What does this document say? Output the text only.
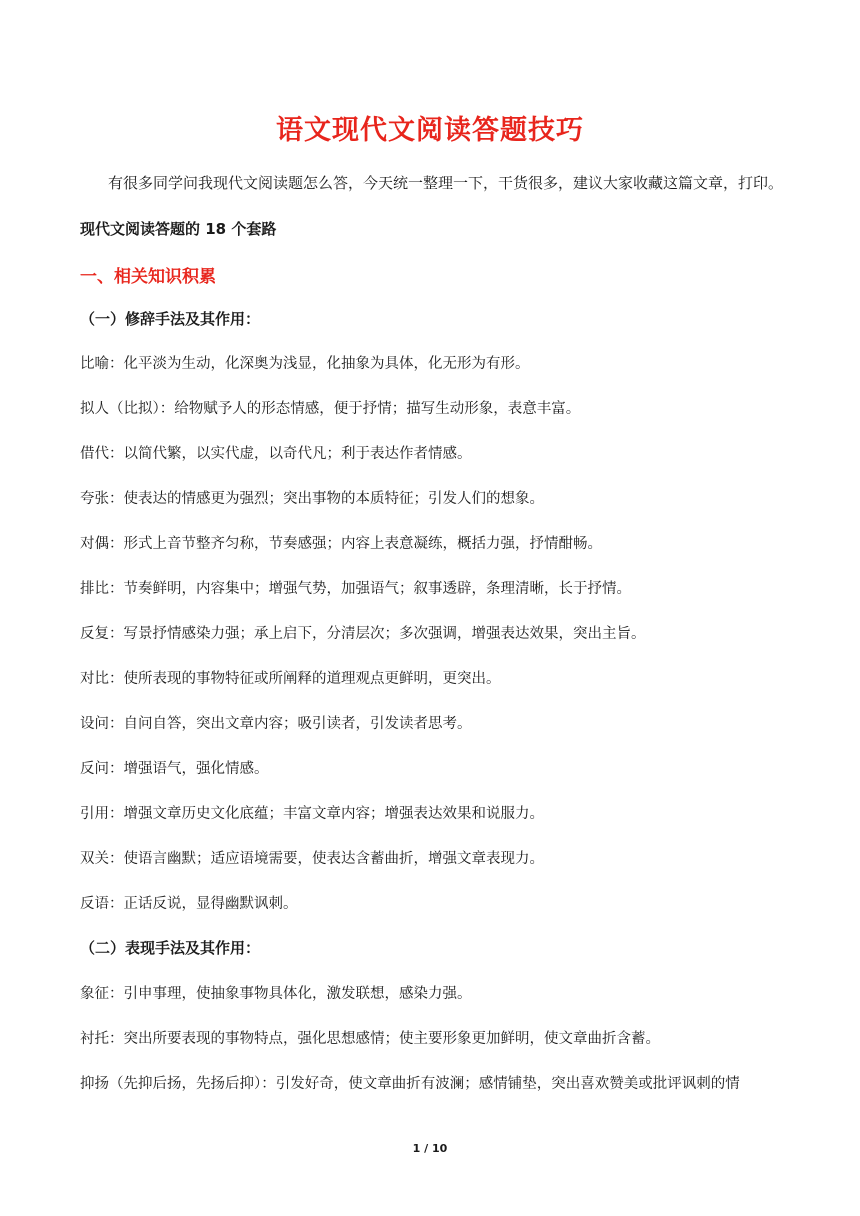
语文现代文阅读答题技巧

有很多同学问我现代文阅读题怎么答，今天统一整理一下，干货很多，建议大家收藏这篇文章，打印。

现代文阅读答题的 18 个套路

一、相关知识积累

（一）修辞手法及其作用：

比喻：化平淡为生动，化深奥为浅显，化抽象为具体，化无形为有形。

拟人（比拟）：给物赋予人的形态情感，便于抒情；描写生动形象，表意丰富。

借代：以简代繁，以实代虚，以奇代凡；利于表达作者情感。

夸张：使表达的情感更为强烈；突出事物的本质特征；引发人们的想象。

对偶：形式上音节整齐匀称，节奏感强；内容上表意凝练，概括力强，抒情酣畅。

排比：节奏鲜明，内容集中；增强气势，加强语气；叙事透辟，条理清晰，长于抒情。

反复：写景抒情感染力强；承上启下，分清层次；多次强调，增强表达效果，突出主旨。

对比：使所表现的事物特征或所阐释的道理观点更鲜明，更突出。

设问：自问自答，突出文章内容；吸引读者，引发读者思考。

反问：增强语气，强化情感。

引用：增强文章历史文化底蕴；丰富文章内容；增强表达效果和说服力。

双关：使语言幽默；适应语境需要，使表达含蓄曲折，增强文章表现力。

反语：正话反说，显得幽默讽刺。

（二）表现手法及其作用：

象征：引申事理，使抽象事物具体化，激发联想，感染力强。

衬托：突出所要表现的事物特点，强化思想感情；使主要形象更加鲜明，使文章曲折含蓄。

抑扬（先抑后扬，先扬后抑）：引发好奇，使文章曲折有波澜；感情铺垫，突出喜欢赞美或批评讽刺的情

1 / 10
